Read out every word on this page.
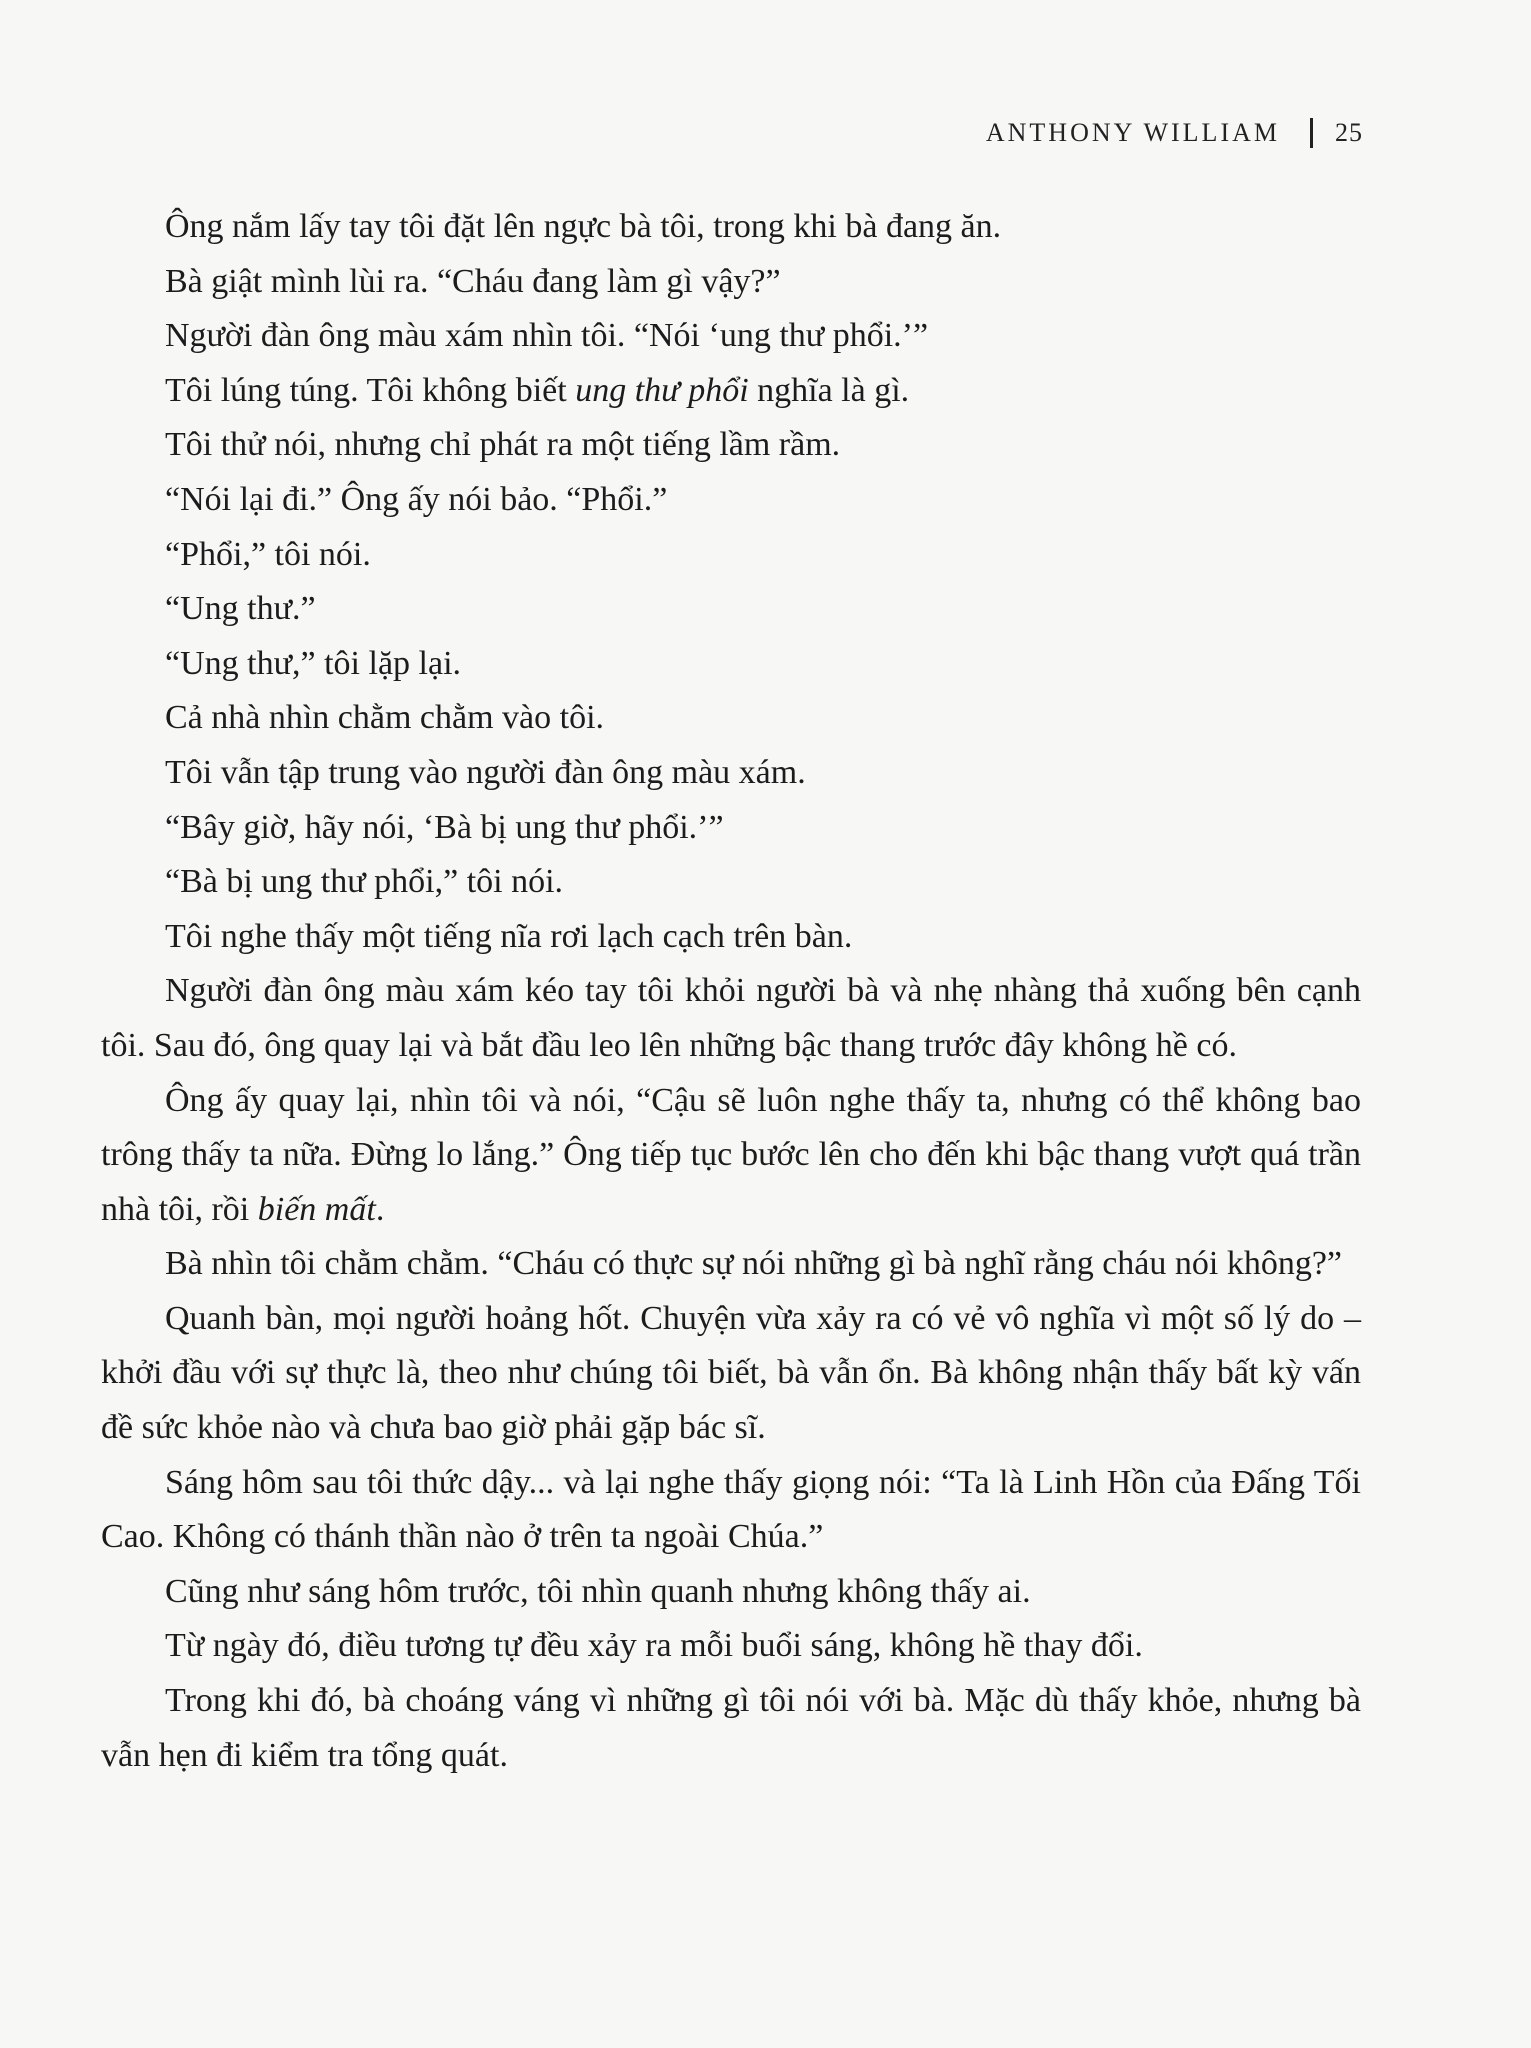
ANTHONY WILLIAM 25

Ông nắm lấy tay tôi đặt lên ngực bà tôi, trong khi bà đang ăn.

Bà giật mình lùi ra. “Cháu đang làm gì vậy?”

Người đàn ông màu xám nhìn tôi. “Nói ‘ung thư phổi.’”

Tôi lúng túng. Tôi không biết ung thư phổi nghĩa là gì.

Tôi thử nói, nhưng chỉ phát ra một tiếng lầm rầm.

“Nói lại đi.” Ông ấy nói bảo. “Phổi.”

“Phổi,” tôi nói.

“Ung thư.”

“Ung thư,” tôi lặp lại.

Cả nhà nhìn chằm chằm vào tôi.

Tôi vẫn tập trung vào người đàn ông màu xám.

“Bây giờ, hãy nói, ‘Bà bị ung thư phổi.’”

“Bà bị ung thư phổi,” tôi nói.

Tôi nghe thấy một tiếng nĩa rơi lạch cạch trên bàn.

Người đàn ông màu xám kéo tay tôi khỏi người bà và nhẹ nhàng thả xuống bên cạnh tôi. Sau đó, ông quay lại và bắt đầu leo lên những bậc thang trước đây không hề có.

Ông ấy quay lại, nhìn tôi và nói, “Cậu sẽ luôn nghe thấy ta, nhưng có thể không bao trông thấy ta nữa. Đừng lo lắng.” Ông tiếp tục bước lên cho đến khi bậc thang vượt quá trần nhà tôi, rồi biến mất.

Bà nhìn tôi chằm chằm. “Cháu có thực sự nói những gì bà nghĩ rằng cháu nói không?”

Quanh bàn, mọi người hoảng hốt. Chuyện vừa xảy ra có vẻ vô nghĩa vì một số lý do – khởi đầu với sự thực là, theo như chúng tôi biết, bà vẫn ổn. Bà không nhận thấy bất kỳ vấn đề sức khỏe nào và chưa bao giờ phải gặp bác sĩ.

Sáng hôm sau tôi thức dậy... và lại nghe thấy giọng nói: “Ta là Linh Hồn của Đấng Tối Cao. Không có thánh thần nào ở trên ta ngoài Chúa.”

Cũng như sáng hôm trước, tôi nhìn quanh nhưng không thấy ai.

Từ ngày đó, điều tương tự đều xảy ra mỗi buổi sáng, không hề thay đổi.

Trong khi đó, bà choáng váng vì những gì tôi nói với bà. Mặc dù thấy khỏe, nhưng bà vẫn hẹn đi kiểm tra tổng quát.
